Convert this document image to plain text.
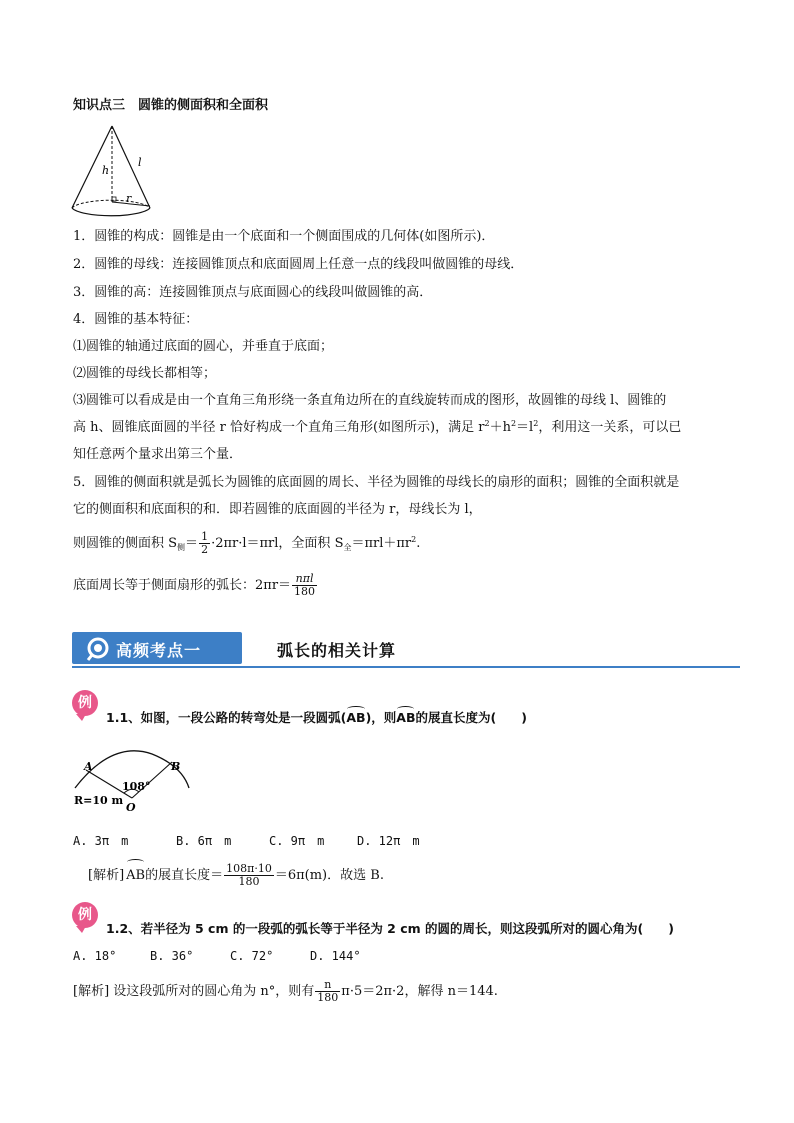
知识点三　圆锥的侧面积和全面积
h
l
r
1．圆锥的构成：圆锥是由一个底面和一个侧面围成的几何体(如图所示)．
2．圆锥的母线：连接圆锥顶点和底面圆周上任意一点的线段叫做圆锥的母线．
3．圆锥的高：连接圆锥顶点与底面圆心的线段叫做圆锥的高．
4．圆锥的基本特征：
⑴圆锥的轴通过底面的圆心，并垂直于底面；
⑵圆锥的母线长都相等；
⑶圆锥可以看成是由一个直角三角形绕一条直角边所在的直线旋转而成的图形，故圆锥的母线 l、圆锥的
高 h、圆锥底面圆的半径 r 恰好构成一个直角三角形(如图所示)，满足 $r^2+h^2=l^2$，利用这一关系，可以已
知任意两个量求出第三个量．
5．圆锥的侧面积就是弧长为圆锥的底面圆的周长、半径为圆锥的母线长的扇形的面积；圆锥的全面积就是
它的侧面积和底面积的和．即若圆锥的底面圆的半径为 r，母线长为 l，
则圆锥的侧面积 $S_侧= \frac{1}{2} \cdot 2\pi r\cdot l=\pi rl$，全面积 $S_全=\pi rl+\pi r^2$.
底面周长等于侧面扇形的弧长：$2\pi r= \frac{\text{nπl}}{180}$
高频考点一	弧长的相关计算
例
1.1、如图，一段公路的转弯处是一段圆弧(AB)，则AB的展直长度为(　　)
A	B
O
108°
R=10 m
A. 3π　m	B. 6π　m	C. 9π　m	D. 12π　m
[解析] AB的展直长度＝ $\frac{108\pi\cdot 10}{180} =6\pi(m)$．故选 B.
例
1.2、若半径为 5 cm 的一段弧的弧长等于半径为 2 cm 的圆的周长，则这段弧所对的圆心角为(　　)
A. 18°	B. 36°	C. 72°	D. 144°
[解析] 设这段弧所对的圆心角为 n°，则有 $\frac{n}{180} \pi\cdot 5=2\pi\cdot 2$，解得 n＝144.
